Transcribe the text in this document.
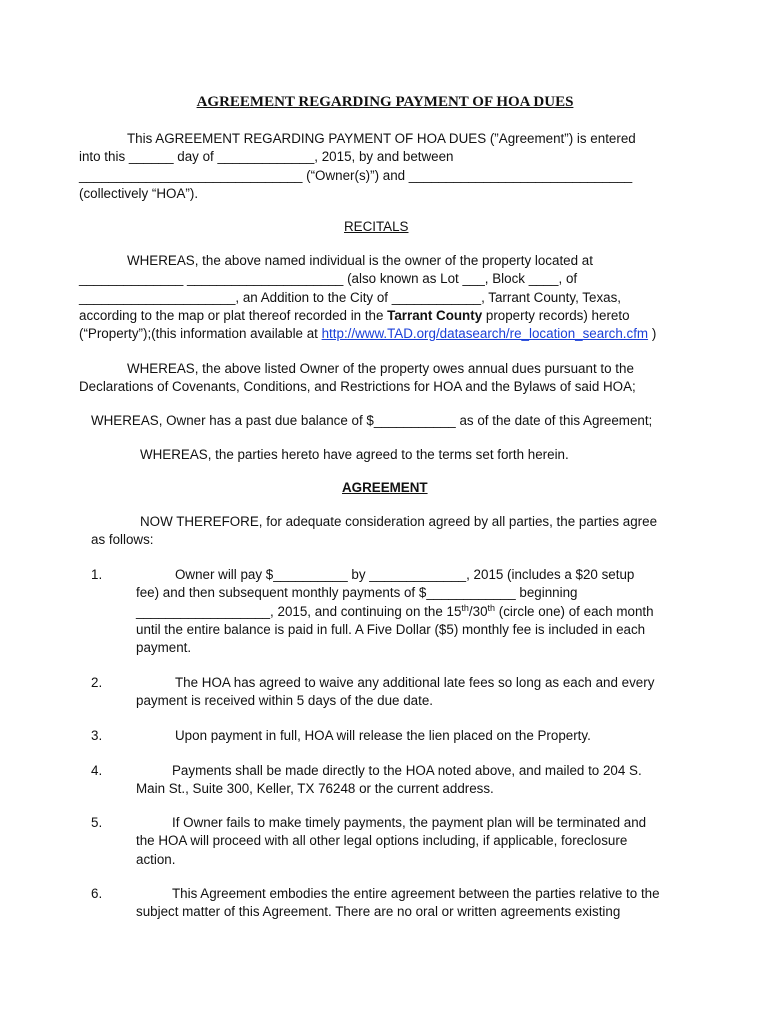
AGREEMENT REGARDING PAYMENT OF HOA DUES
This AGREEMENT REGARDING PAYMENT OF HOA DUES (”Agreement”) is entered
into this ______ day of _____________, 2015, by and between
______________________________ (“Owner(s)”) and ______________________________
(collectively “HOA”).
RECITALS
WHEREAS, the above named individual is the owner of the property located at
______________ _____________________ (also known as Lot ___, Block ____, of
_____________________, an Addition to the City of ____________, Tarrant County, Texas,
according to the map or plat thereof recorded in the Tarrant County property records) hereto
(“Property”);(this information available at http://www.TAD.org/datasearch/re_location_search.cfm )
WHEREAS, the above listed Owner of the property owes annual dues pursuant to the
Declarations of Covenants, Conditions, and Restrictions for HOA and the Bylaws of said HOA;
WHEREAS, Owner has a past due balance of $___________ as of the date of this Agreement;
WHEREAS, the parties hereto have agreed to the terms set forth herein.
AGREEMENT
NOW THEREFORE, for adequate consideration agreed by all parties, the parties agree
as follows:
1.	Owner will pay $__________ by _____________, 2015 (includes a $20 setup
fee) and then subsequent monthly payments of $____________ beginning
__________________, 2015, and continuing on the 15th/30th (circle one) of each month
until the entire balance is paid in full. A Five Dollar ($5) monthly fee is included in each
payment.
2.	The HOA has agreed to waive any additional late fees so long as each and every
payment is received within 5 days of the due date.
3.	Upon payment in full, HOA will release the lien placed on the Property.
4.	Payments shall be made directly to the HOA noted above, and mailed to 204 S.
Main St., Suite 300, Keller, TX 76248 or the current address.
5.	If Owner fails to make timely payments, the payment plan will be terminated and
the HOA will proceed with all other legal options including, if applicable, foreclosure
action.
6.	This Agreement embodies the entire agreement between the parties relative to the
subject matter of this Agreement. There are no oral or written agreements existing
